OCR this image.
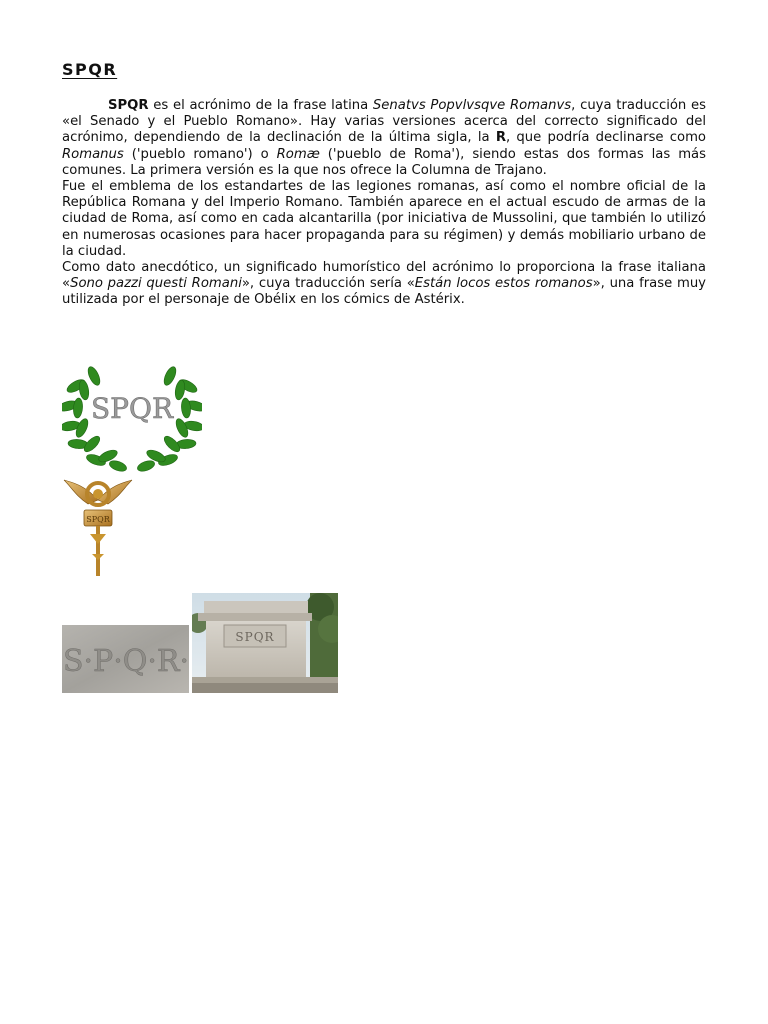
SPQR

SPQR es el acrónimo de la frase latina Senatvs Popvlvsqve Romanvs, cuya traducción es «el Senado y el Pueblo Romano». Hay varias versiones acerca del correcto significado del acrónimo, dependiendo de la declinación de la última sigla, la R, que podría declinarse como Romanus ('pueblo romano') o Romæ ('pueblo de Roma'), siendo estas dos formas las más comunes. La primera versión es la que nos ofrece la Columna de Trajano.

Fue el emblema de los estandartes de las legiones romanas, así como el nombre oficial de la República Romana y del Imperio Romano. También aparece en el actual escudo de armas de la ciudad de Roma, así como en cada alcantarilla (por iniciativa de Mussolini, que también lo utilizó en numerosas ocasiones para hacer propaganda para su régimen) y demás mobiliario urbano de la ciudad.

Como dato anecdótico, un significado humorístico del acrónimo lo proporciona la frase italiana «Sono pazzi questi Romani», cuya traducción sería «Están locos estos romanos», una frase muy utilizada por el personaje de Obélix en los cómics de Astérix.

SPQR
SPQR
S·P·Q·R·
SPQR
